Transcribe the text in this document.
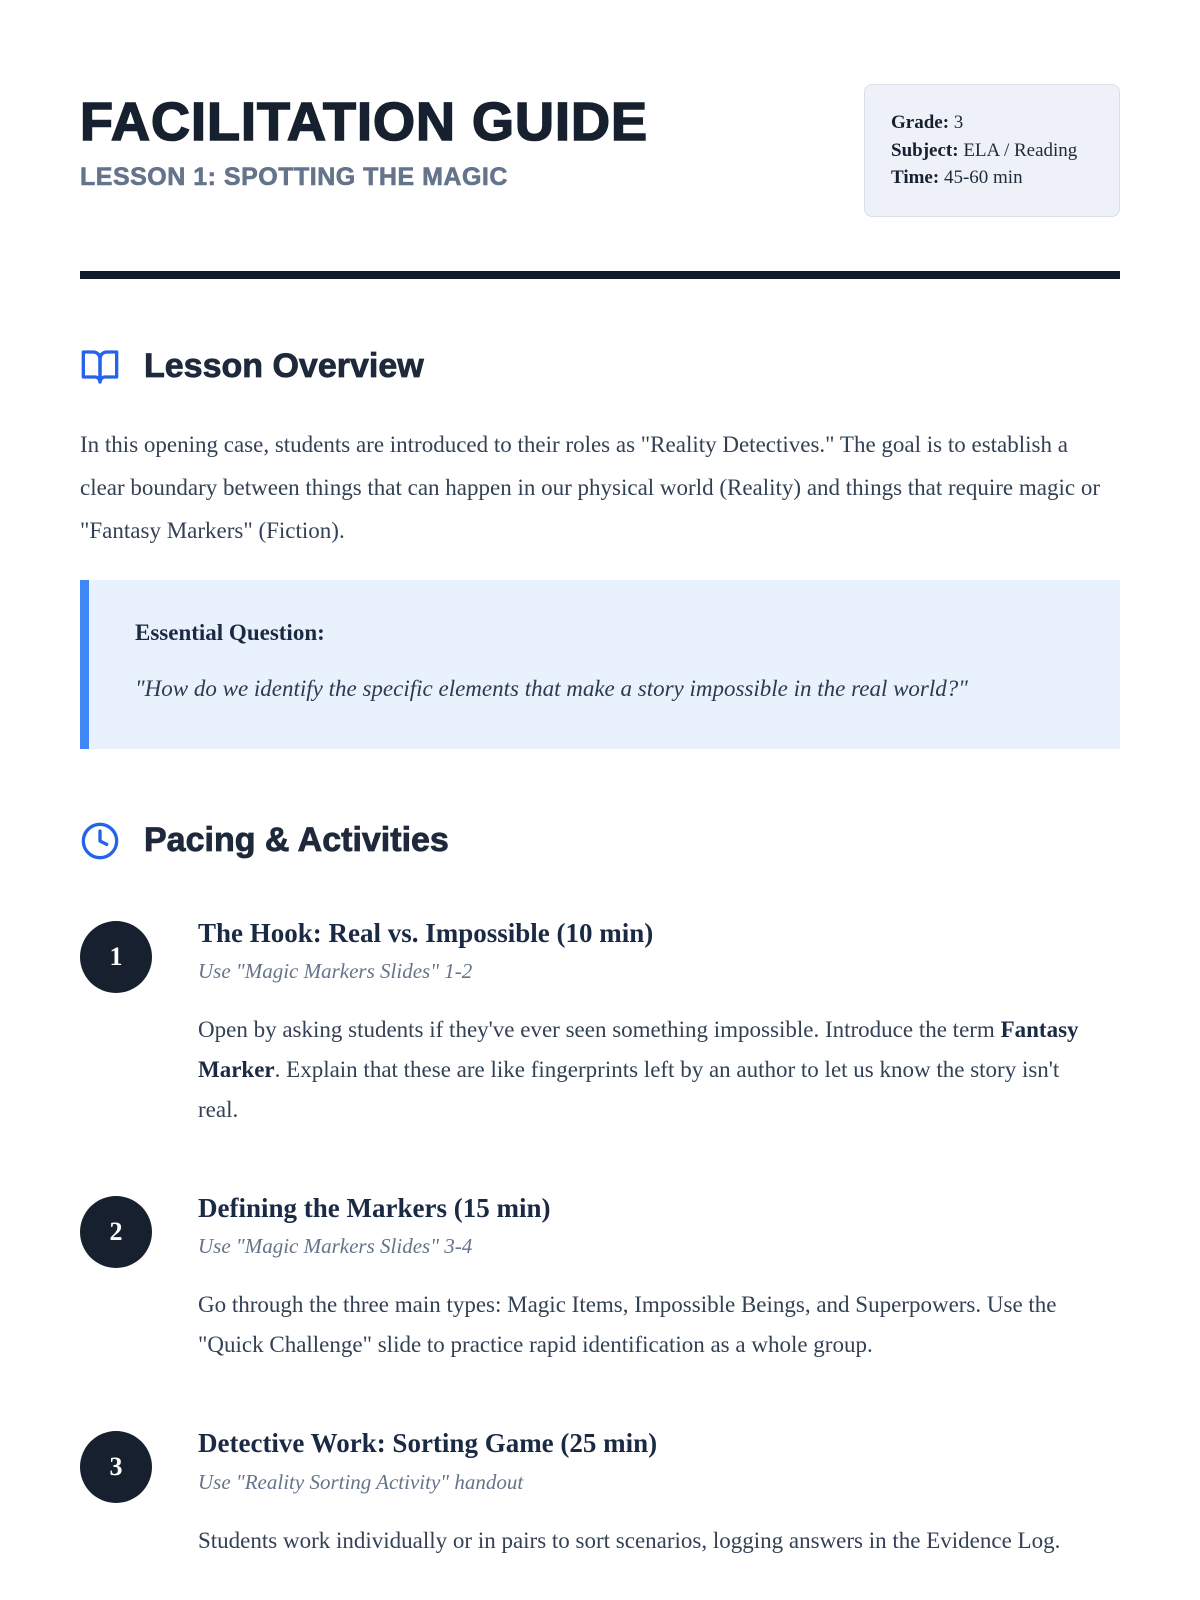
FACILITATION GUIDE
LESSON 1: SPOTTING THE MAGIC
Grade: 3
Subject: ELA / Reading
Time: 45-60 min
Lesson Overview

In this opening case, students are introduced to their roles as "Reality Detectives." The goal is to establish a clear boundary between things that can happen in our physical world (Reality) and things that require magic or "Fantasy Markers" (Fiction).

Essential Question:
"How do we identify the specific elements that make a story impossible in the real world?"
Pacing & Activities
1
The Hook: Real vs. Impossible (10 min)
Use "Magic Markers Slides" 1-2
Open by asking students if they've ever seen something impossible. Introduce the term Fantasy Marker. Explain that these are like fingerprints left by an author to let us know the story isn't real.
2
Defining the Markers (15 min)
Use "Magic Markers Slides" 3-4
Go through the three main types: Magic Items, Impossible Beings, and Superpowers. Use the "Quick Challenge" slide to practice rapid identification as a whole group.
3
Detective Work: Sorting Game (25 min)
Use "Reality Sorting Activity" handout
Students work individually or in pairs to sort scenarios, logging answers in the Evidence Log.
